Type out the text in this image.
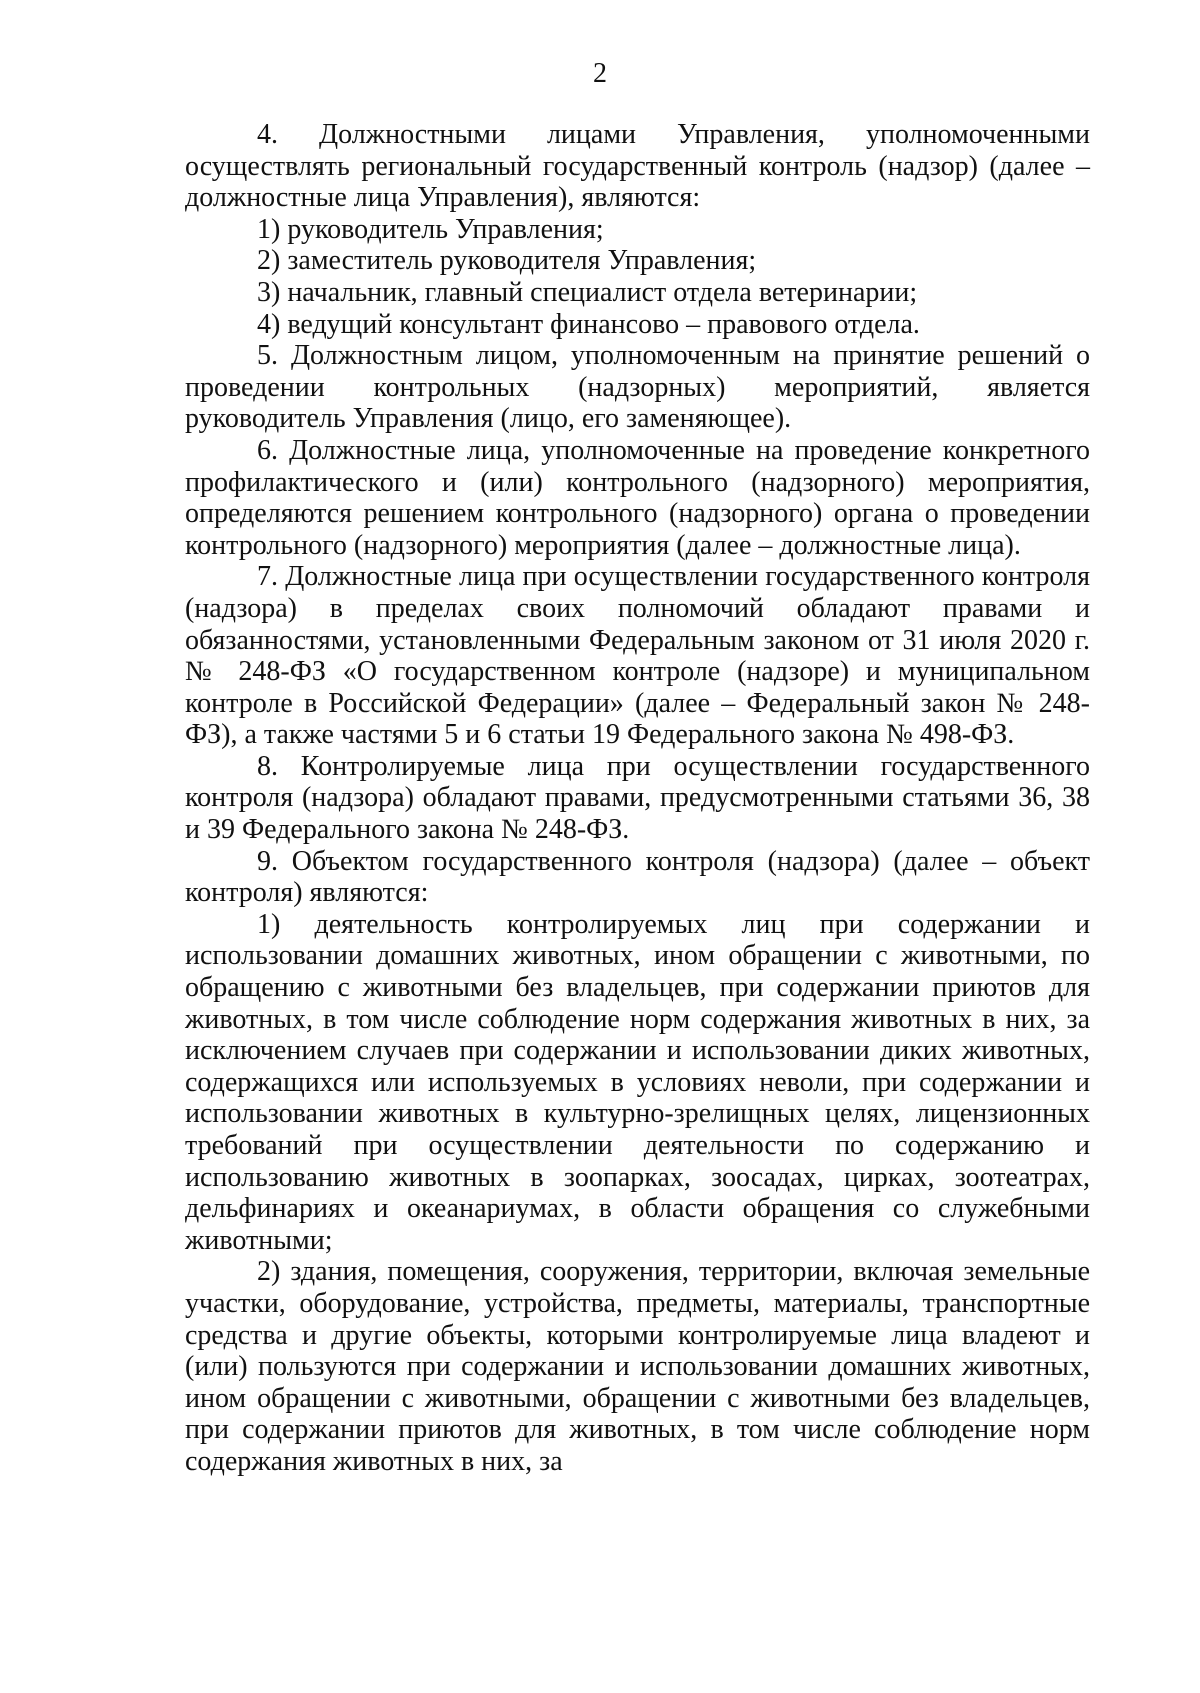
2

4. Должностными лицами Управления, уполномоченными осуществлять региональный государственный контроль (надзор) (далее – должностные лица Управления), являются:

1) руководитель Управления;

2) заместитель руководителя Управления;

3) начальник, главный специалист отдела ветеринарии;

4) ведущий консультант финансово – правового отдела.

5. Должностным лицом, уполномоченным на принятие решений о проведении контрольных (надзорных) мероприятий, является руководитель Управления (лицо, его заменяющее).

6. Должностные лица, уполномоченные на проведение конкретного профилактического и (или) контрольного (надзорного) мероприятия, определяются решением контрольного (надзорного) органа о проведении контрольного (надзорного) мероприятия (далее – должностные лица).

7. Должностные лица при осуществлении государственного контроля (надзора) в пределах своих полномочий обладают правами и обязанностями, установленными Федеральным законом от 31 июля 2020 г. № 248-ФЗ «О государственном контроле (надзоре) и муниципальном контроле в Российской Федерации» (далее – Федеральный закон № 248-ФЗ), а также частями 5 и 6 статьи 19 Федерального закона № 498-ФЗ.

8. Контролируемые лица при осуществлении государственного контроля (надзора) обладают правами, предусмотренными статьями 36, 38 и 39 Федерального закона № 248-ФЗ.

9. Объектом государственного контроля (надзора) (далее – объект контроля) являются:

1) деятельность контролируемых лиц при содержании и использовании домашних животных, ином обращении с животными, по обращению с животными без владельцев, при содержании приютов для животных, в том числе соблюдение норм содержания животных в них, за исключением случаев при содержании и использовании диких животных, содержащихся или используемых в условиях неволи, при содержании и использовании животных в культурно-зрелищных целях, лицензионных требований при осуществлении деятельности по содержанию и использованию животных в зоопарках, зоосадах, цирках, зоотеатрах, дельфинариях и океанариумах, в области обращения со служебными животными;

2) здания, помещения, сооружения, территории, включая земельные участки, оборудование, устройства, предметы, материалы, транспортные средства и другие объекты, которыми контролируемые лица владеют и (или) пользуются при содержании и использовании домашних животных, ином обращении с животными, обращении с животными без владельцев, при содержании приютов для животных, в том числе соблюдение норм содержания животных в них, за
